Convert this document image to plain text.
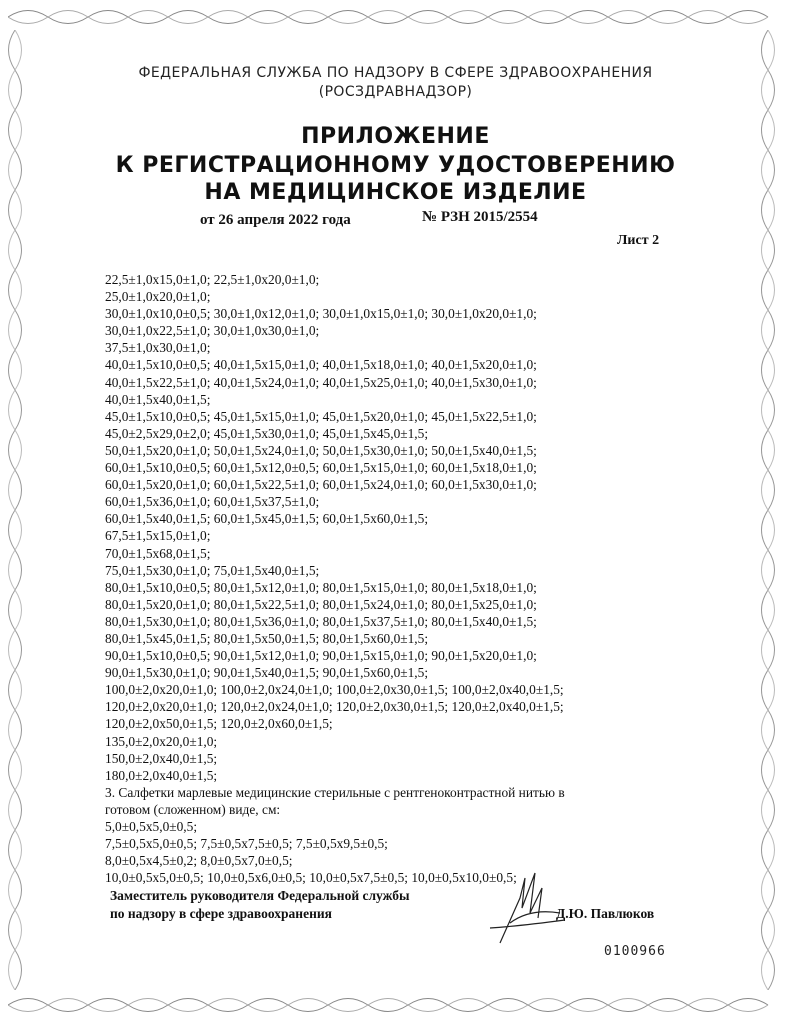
ФЕДЕРАЛЬНАЯ СЛУЖБА ПО НАДЗОРУ В СФЕРЕ ЗДРАВООХРАНЕНИЯ
(РОСЗДРАВНАДЗОР)
ПРИЛОЖЕНИЕ
К РЕГИСТРАЦИОННОМУ УДОСТОВЕРЕНИЮ
НА МЕДИЦИНСКОЕ ИЗДЕЛИЕ
от 26 апреля 2022 года	№ РЗН 2015/2554
Лист 2
22,5±1,0х15,0±1,0; 22,5±1,0х20,0±1,0;
25,0±1,0х20,0±1,0;
30,0±1,0х10,0±0,5; 30,0±1,0х12,0±1,0; 30,0±1,0х15,0±1,0; 30,0±1,0х20,0±1,0;
30,0±1,0х22,5±1,0; 30,0±1,0х30,0±1,0;
37,5±1,0х30,0±1,0;
40,0±1,5х10,0±0,5; 40,0±1,5х15,0±1,0; 40,0±1,5х18,0±1,0; 40,0±1,5х20,0±1,0;
40,0±1,5х22,5±1,0; 40,0±1,5х24,0±1,0; 40,0±1,5х25,0±1,0; 40,0±1,5х30,0±1,0;
40,0±1,5х40,0±1,5;
45,0±1,5х10,0±0,5; 45,0±1,5х15,0±1,0; 45,0±1,5х20,0±1,0; 45,0±1,5х22,5±1,0;
45,0±2,5х29,0±2,0; 45,0±1,5х30,0±1,0; 45,0±1,5х45,0±1,5;
50,0±1,5х20,0±1,0; 50,0±1,5х24,0±1,0; 50,0±1,5х30,0±1,0; 50,0±1,5х40,0±1,5;
60,0±1,5х10,0±0,5; 60,0±1,5х12,0±0,5; 60,0±1,5х15,0±1,0; 60,0±1,5х18,0±1,0;
60,0±1,5х20,0±1,0; 60,0±1,5х22,5±1,0; 60,0±1,5х24,0±1,0; 60,0±1,5х30,0±1,0;
60,0±1,5х36,0±1,0; 60,0±1,5х37,5±1,0;
60,0±1,5х40,0±1,5; 60,0±1,5х45,0±1,5; 60,0±1,5х60,0±1,5;
67,5±1,5х15,0±1,0;
70,0±1,5х68,0±1,5;
75,0±1,5х30,0±1,0; 75,0±1,5х40,0±1,5;
80,0±1,5х10,0±0,5; 80,0±1,5х12,0±1,0; 80,0±1,5х15,0±1,0; 80,0±1,5х18,0±1,0;
80,0±1,5х20,0±1,0; 80,0±1,5х22,5±1,0; 80,0±1,5х24,0±1,0; 80,0±1,5х25,0±1,0;
80,0±1,5х30,0±1,0; 80,0±1,5х36,0±1,0; 80,0±1,5х37,5±1,0; 80,0±1,5х40,0±1,5;
80,0±1,5х45,0±1,5; 80,0±1,5х50,0±1,5; 80,0±1,5х60,0±1,5;
90,0±1,5х10,0±0,5; 90,0±1,5х12,0±1,0; 90,0±1,5х15,0±1,0; 90,0±1,5х20,0±1,0;
90,0±1,5х30,0±1,0; 90,0±1,5х40,0±1,5; 90,0±1,5х60,0±1,5;
100,0±2,0х20,0±1,0; 100,0±2,0х24,0±1,0; 100,0±2,0х30,0±1,5; 100,0±2,0х40,0±1,5;
120,0±2,0х20,0±1,0; 120,0±2,0х24,0±1,0; 120,0±2,0х30,0±1,5; 120,0±2,0х40,0±1,5;
120,0±2,0х50,0±1,5; 120,0±2,0х60,0±1,5;
135,0±2,0х20,0±1,0;
150,0±2,0х40,0±1,5;
180,0±2,0х40,0±1,5;
3. Салфетки марлевые медицинские стерильные с рентгеноконтрастной нитью в
готовом (сложенном) виде, см:
5,0±0,5х5,0±0,5;
7,5±0,5х5,0±0,5; 7,5±0,5х7,5±0,5; 7,5±0,5х9,5±0,5;
8,0±0,5х4,5±0,2; 8,0±0,5х7,0±0,5;
10,0±0,5х5,0±0,5; 10,0±0,5х6,0±0,5; 10,0±0,5х7,5±0,5; 10,0±0,5х10,0±0,5;
Заместитель руководителя Федеральной службы
по надзору в сфере здравоохранения	Д.Ю. Павлюков
0100966
